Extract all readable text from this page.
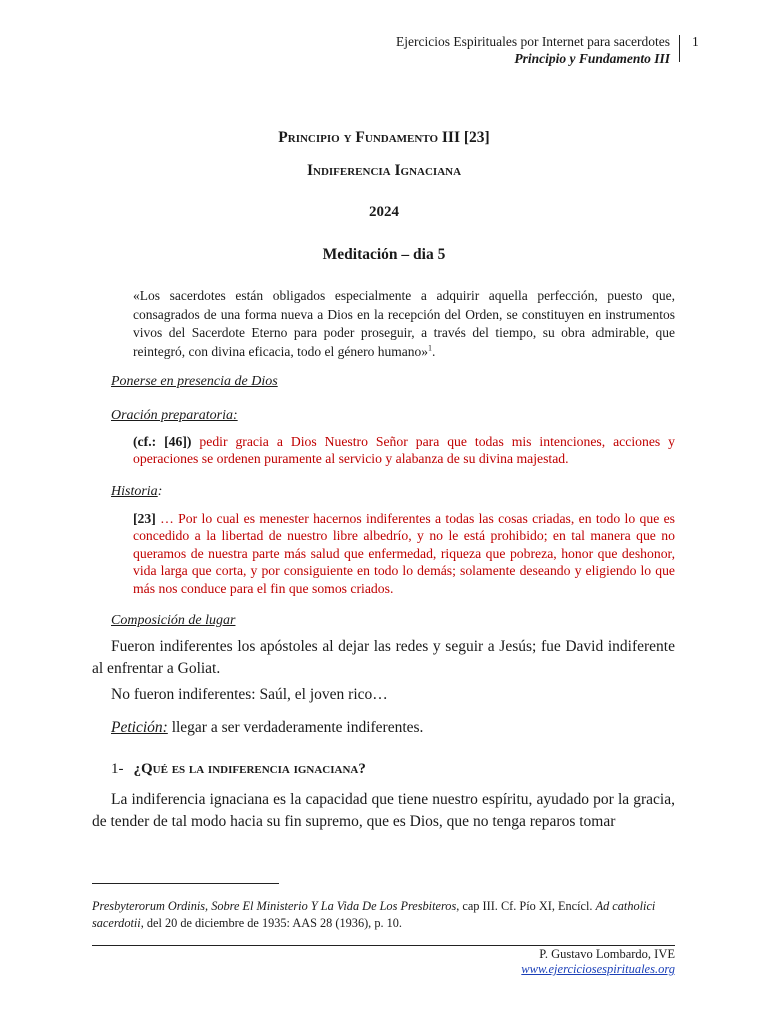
Ejercicios Espirituales por Internet para sacerdotes
Principio y Fundamento III
1
Principio y Fundamento III [23]
Indiferencia Ignaciana
2024
Meditación – dia 5
«Los sacerdotes están obligados especialmente a adquirir aquella perfección, puesto que, consagrados de una forma nueva a Dios en la recepción del Orden, se constituyen en instrumentos vivos del Sacerdote Eterno para poder proseguir, a través del tiempo, su obra admirable, que reintegró, con divina eficacia, todo el género humano»$^1$.
Ponerse en presencia de Dios
Oración preparatoria:
(cf.: [46]) pedir gracia a Dios Nuestro Señor para que todas mis intenciones, acciones y operaciones se ordenen puramente al servicio y alabanza de su divina majestad.
Historia:
[23] … Por lo cual es menester hacernos indiferentes a todas las cosas criadas, en todo lo que es concedido a la libertad de nuestro libre albedrío, y no le está prohibido; en tal manera que no queramos de nuestra parte más salud que enfermedad, riqueza que pobreza, honor que deshonor, vida larga que corta, y por consiguiente en todo lo demás; solamente deseando y eligiendo lo que más nos conduce para el fin que somos criados.
Composición de lugar
Fueron indiferentes los apóstoles al dejar las redes y seguir a Jesús; fue David indiferente al enfrentar a Goliat.
No fueron indiferentes: Saúl, el joven rico…
Petición: llegar a ser verdaderamente indiferentes.
1- ¿Qué es la indiferencia ignaciana?
La indiferencia ignaciana es la capacidad que tiene nuestro espíritu, ayudado por la gracia, de tender de tal modo hacia su fin supremo, que es Dios, que no tenga reparos tomar
Presbyterorum Ordinis, Sobre El Ministerio Y La Vida De Los Presbiteros, cap III. Cf. Pío XI, Encícl. Ad catholici sacerdotii, del 20 de diciembre de 1935: AAS 28 (1936), p. 10.
P. Gustavo Lombardo, IVE
www.ejerciciosespirituales.org
